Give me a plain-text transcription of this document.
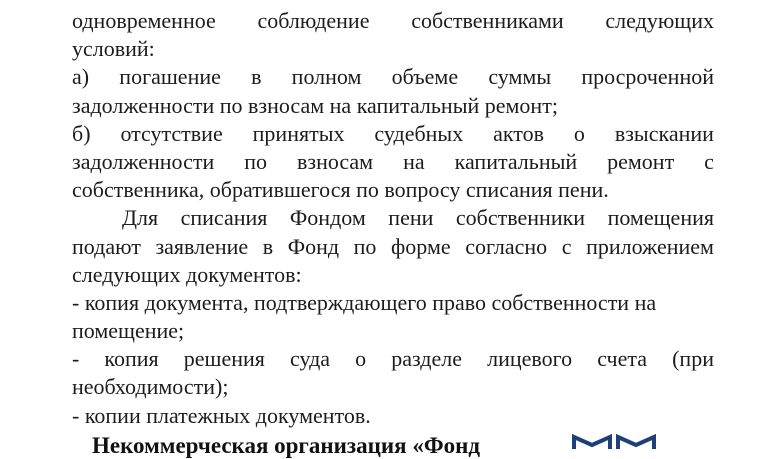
одновременное соблюдение собственниками следующих
условий:
а) погашение в полном объеме суммы просроченной
задолженности по взносам на капитальный ремонт;
б) отсутствие принятых судебных актов о взыскании
задолженности по взносам на капитальный ремонт с
собственника, обратившегося по вопросу списания пени.
Для списания Фондом пени собственники помещения
подают заявление в Фонд по форме согласно с приложением
следующих документов:
- копия документа, подтверждающего право собственности на
помещение;
- копия решения суда о разделе лицевого счета (при
необходимости);
- копии платежных документов.
Некоммерческая организация «Фонд
